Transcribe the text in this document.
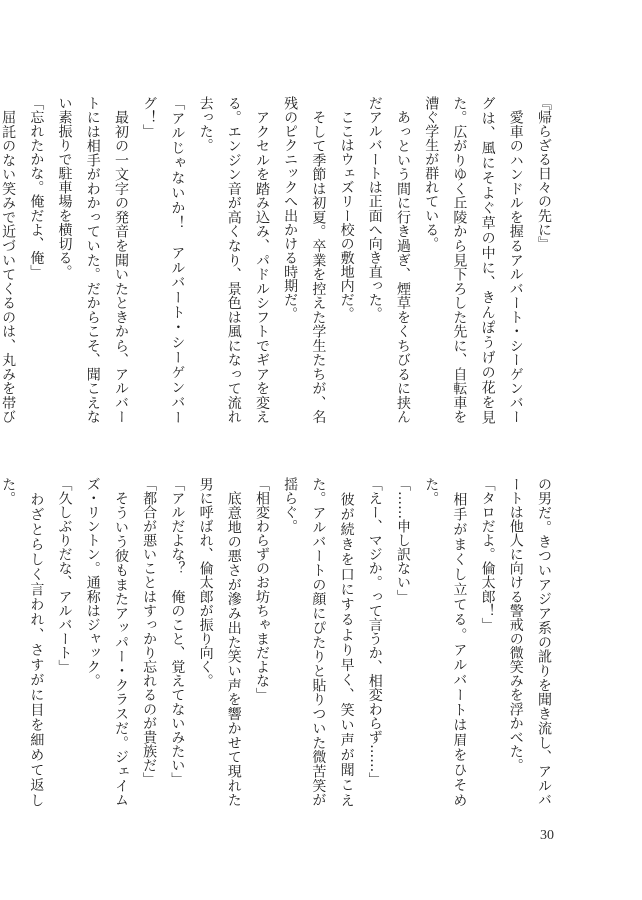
『帰らざる日々の先に』

　愛車のハンドルを握るアルバート・シーゲンバーグは、風にそよぐ草の中に、きんぽうげの花を見た。広がりゆく丘陵から見下ろした先に、自転車を漕ぐ学生が群れている。

　あっという間に行き過ぎ、煙草をくちびるに挟んだアルバートは正面へ向き直った。

　ここはウェズリー校の敷地内だ。

　そして季節は初夏。卒業を控えた学生たちが、名残のピクニックへ出かける時期だ。

　アクセルを踏み込み、パドルシフトでギアを変える。エンジン音が高くなり、景色は風になって流れ去った。

「アルじゃないか！　アルバート・シーゲンバーグ！」

　最初の一文字の発音を聞いたときから、アルバートには相手がわかっていた。だからこそ、聞こえない素振りで駐車場を横切る。

「忘れたかな。俺だよ、俺」

　屈託のない笑みで近づいてくるのは、丸みを帯び

の男だ。きついアジア系の訛りを聞き流し、アルバートは他人に向ける警戒の微笑みを浮かべた。

「タロだよ。倫太郎！」

　相手がまくし立てる。アルバートは眉をひそめた。

「……申し訳ない」

「えー、マジか。って言うか、相変わらず……」

　彼が続きを口にするより早く、笑い声が聞こえた。アルバートの顔にぴたりと貼りついた微苦笑が揺らぐ。

「相変わらずのお坊ちゃまだよな」

　底意地の悪さが滲み出た笑い声を響かせて現れた男に呼ばれ、倫太郎が振り向く。

「アルだよな？　俺のこと、覚えてないみたい」

「都合が悪いことはすっかり忘れるのが貴族だ」

　そういう彼もまたアッパー・クラスだ。ジェイムズ・リントン。通称はジャック。

「久しぶりだな、アルバート」

　わざとらしく言われ、さすがに目を細めて返した。

30
